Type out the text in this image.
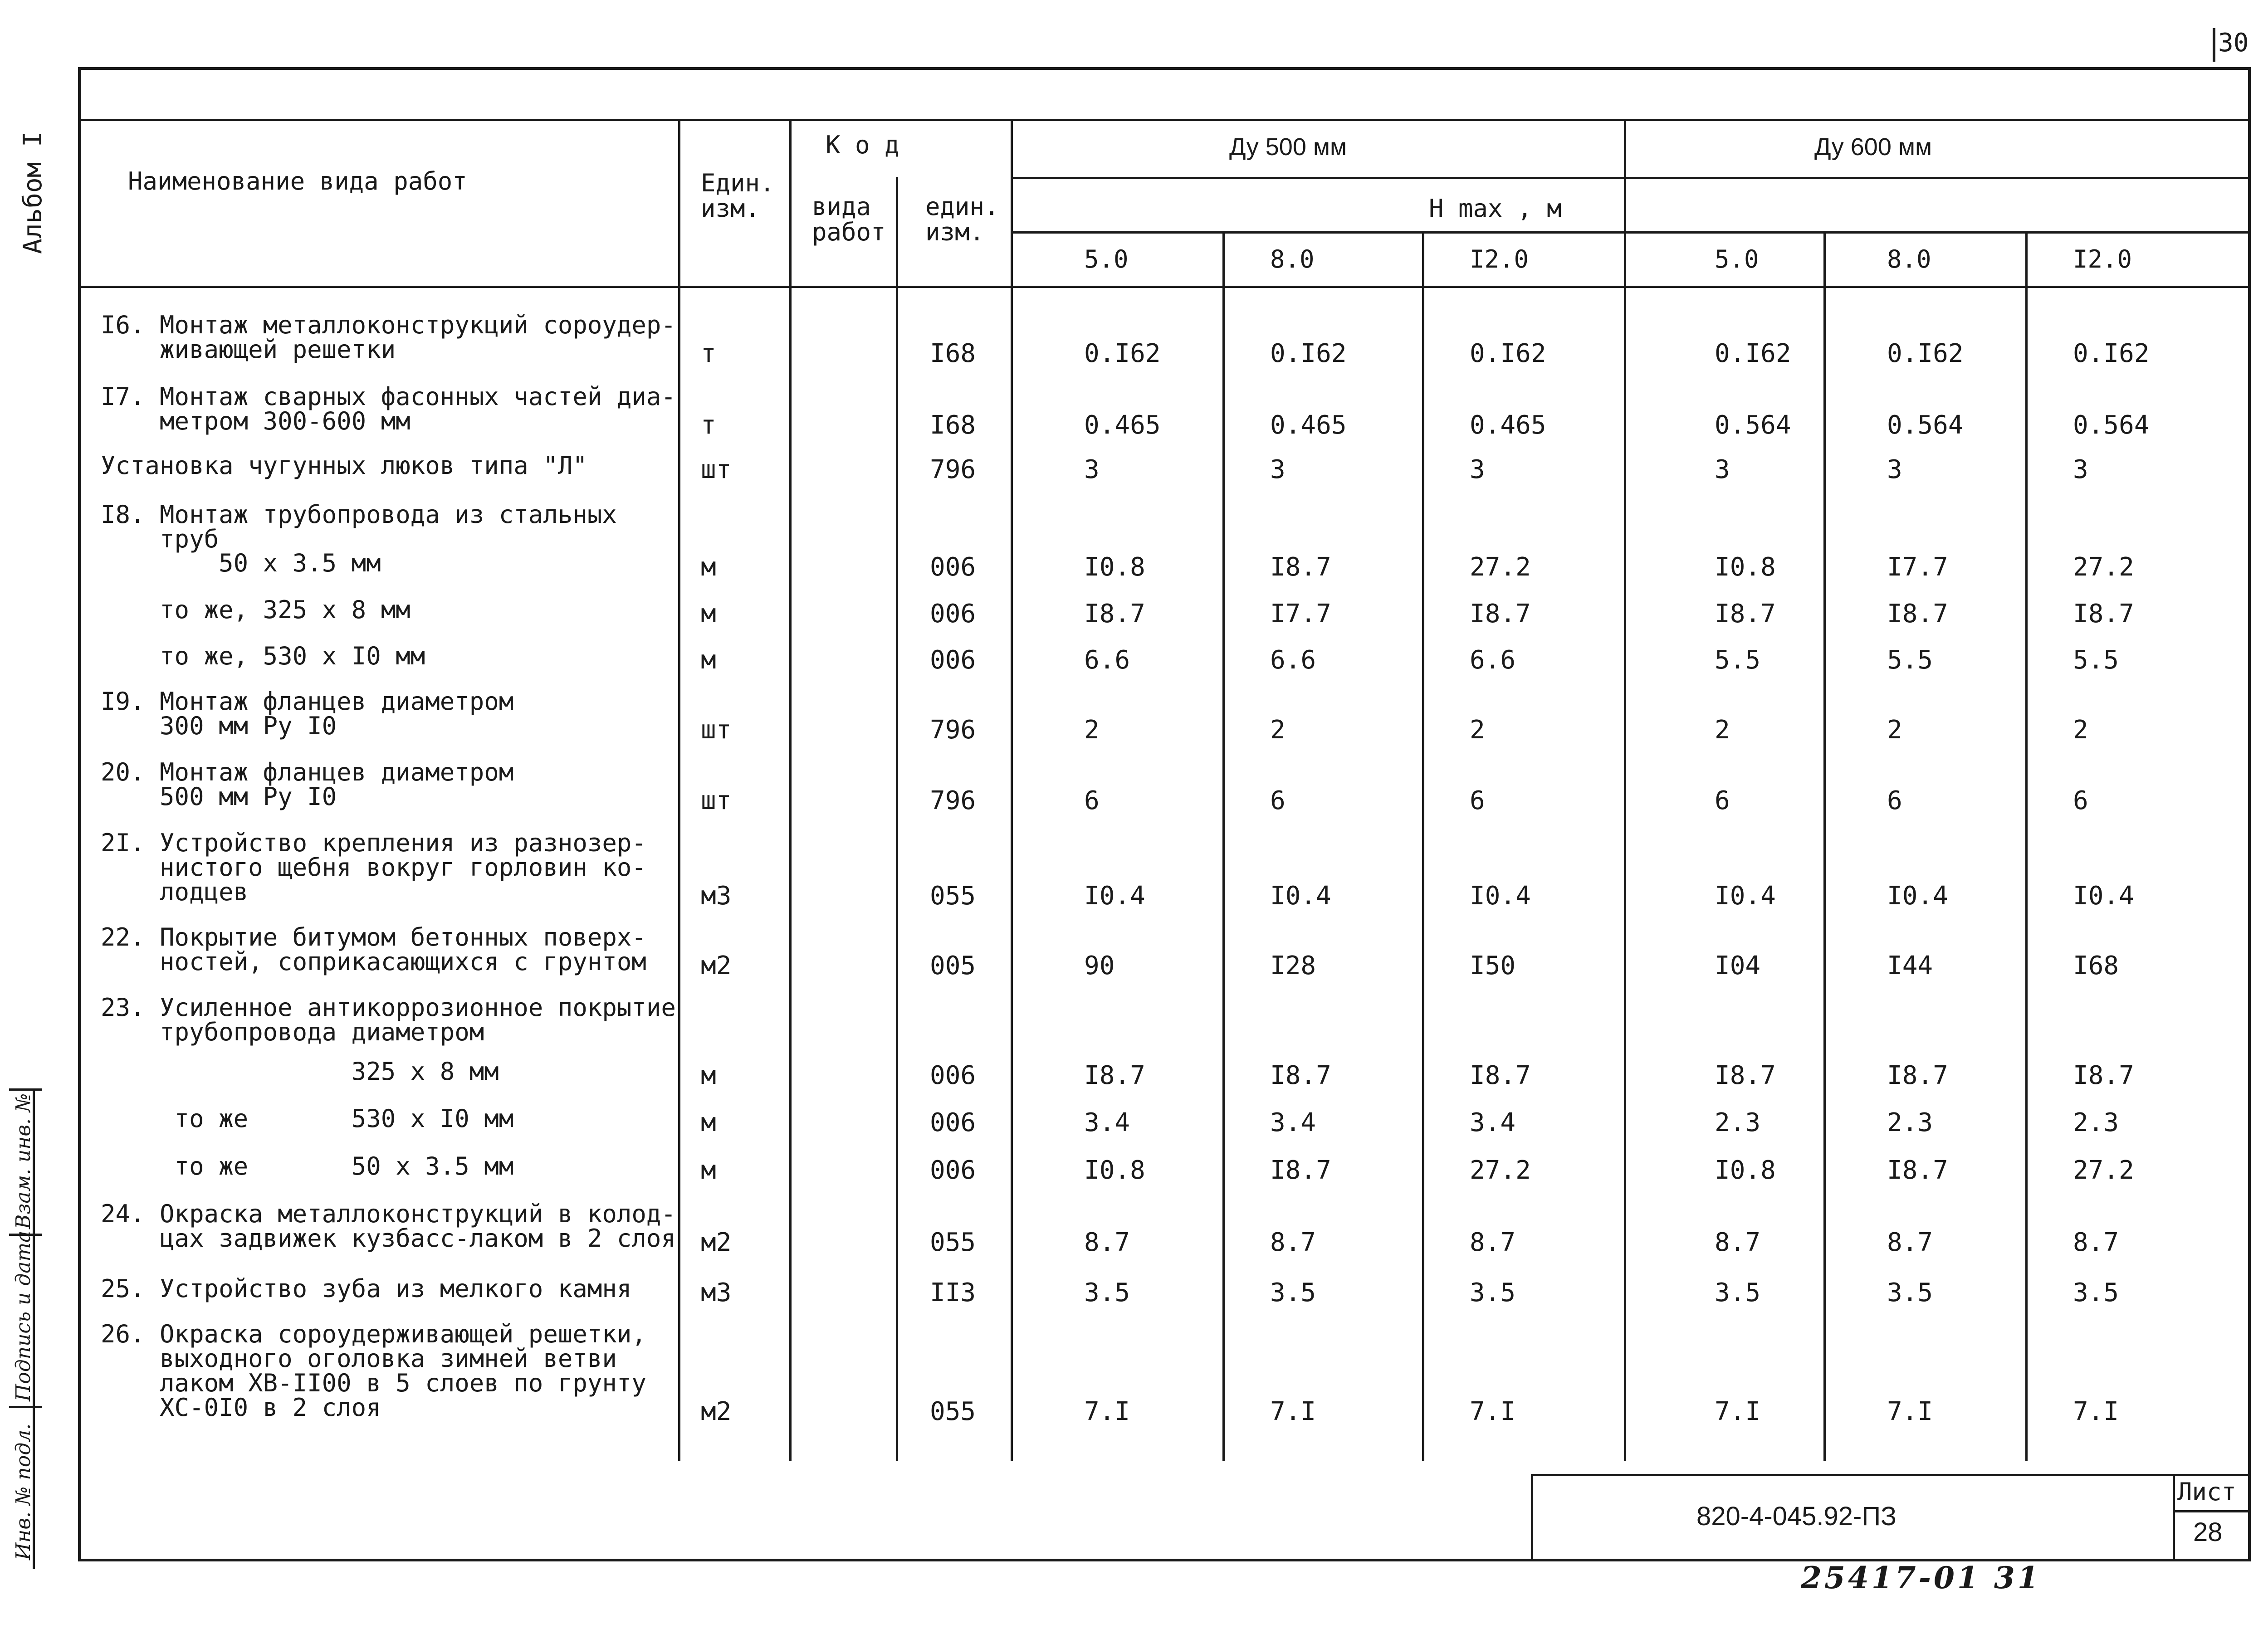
30
Альбом I
Инв. № подл.
Подпись и дата
Взам. инв. №
Наименование вида работ	Един.
изм.
К о д
вида
работ
един.
изм.
Ду 500 мм	Ду 600 мм
H max , м
5.0	8.0	I2.0	5.0	8.0	I2.0
I6. Монтаж металлоконструкций сороудер-
живающей решетки	т	I68	0.I62	0.I62	0.I62	0.I62	0.I62	0.I62
I7. Монтаж сварных фасонных частей диа-
метром 300-600 мм	т	I68	0.465	0.465	0.465	0.564	0.564	0.564
Установка чугунных люков типа "Л"	шт	796	3	3	3	3	3	3
I8. Монтаж трубопровода из стальных
труб
50 х 3.5 мм	м	006	I0.8	I8.7	27.2	I0.8	I7.7	27.2
то же, 325 х 8 мм	м	006	I8.7	I7.7	I8.7	I8.7	I8.7	I8.7
то же, 530 х I0 мм	м	006	6.6	6.6	6.6	5.5	5.5	5.5
I9. Монтаж фланцев диаметром
300 мм Ру I0	шт	796	2	2	2	2	2	2
20. Монтаж фланцев диаметром
500 мм Ру I0	шт	796	6	6	6	6	6	6
2I. Устройство крепления из разнозер-
нистого щебня вокруг горловин ко-
лодцев	м3	055	I0.4	I0.4	I0.4	I0.4	I0.4	I0.4
22. Покрытие битумом бетонных поверх-
ностей, соприкасающихся с грунтом м2	005	90	I28	I50	I04	I44	I68
23. Усиленное антикоррозионное покрытие
трубопровода диаметром
325 х 8 мм	м	006	I8.7	I8.7	I8.7	I8.7	I8.7	I8.7
то же       530 х I0 мм	м	006	3.4	3.4	3.4	2.3	2.3	2.3
то же       50 х 3.5 мм	м	006	I0.8	I8.7	27.2	I0.8	I8.7	27.2
24. Окраска металлоконструкций в колод-
цах задвижек кузбасс-лаком в 2 слоя м2	055	8.7	8.7	8.7	8.7	8.7	8.7
25. Устройство зуба из мелкого камня	м3	II3	3.5	3.5	3.5	3.5	3.5	3.5
26. Окраска сороудерживающей решетки,
выходного оголовка зимней ветви
лаком ХВ-II00 в 5 слоев по грунту
ХС-0I0 в 2 слоя	м2	055	7.I	7.I	7.I	7.I	7.I	7.I
820-4-045.92-ПЗ
Лист
28
25417-01 31
